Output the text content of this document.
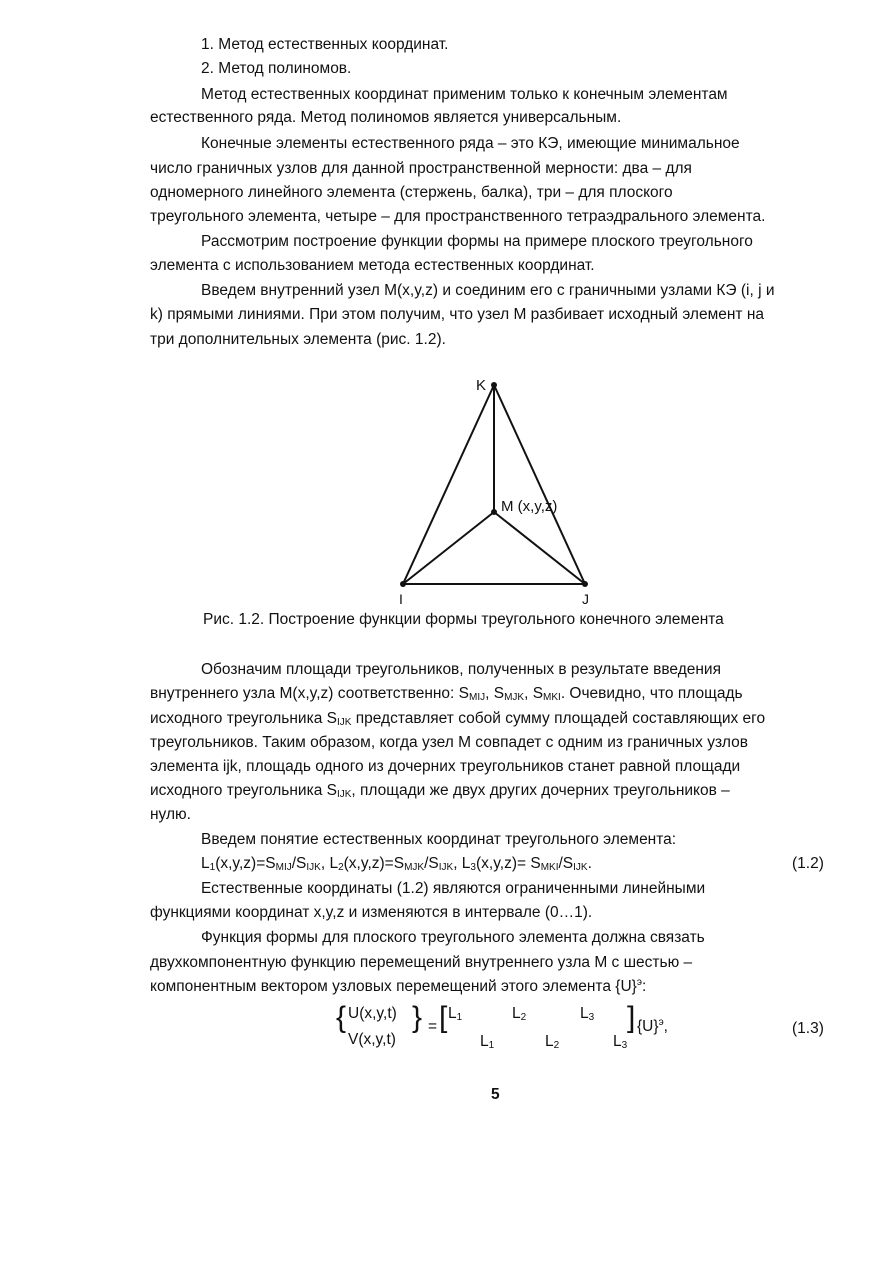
1. Метод естественных координат.
2. Метод полиномов.
Метод естественных координат применим только к конечным элементам
естественного ряда. Метод полиномов является универсальным.
Конечные элементы естественного ряда – это КЭ, имеющие минимальное
число граничных узлов для данной пространственной мерности: два – для
одномерного линейного элемента (стержень, балка), три – для плоского
треугольного элемента, четыре – для пространственного тетраэдрального элемента.
Рассмотрим построение функции формы на примере плоского треугольного
элемента с использованием метода естественных координат.
Введем внутренний узел M(x,y,z) и соединим его с граничными узлами КЭ (i, j и
k) прямыми линиями. При этом получим, что узел M разбивает исходный элемент на
три дополнительных элемента (рис. 1.2).
K
M (x,y,z)
I	J
Рис. 1.2. Построение функции формы треугольного конечного элемента
Обозначим площади треугольников, полученных в результате введения
внутреннего узла M(x,y,z) соответственно: $S_{MIJ}$, $S_{MJK}$, $S_{MKI}$. Очевидно, что площадь
исходного треугольника $S_{IJK}$ представляет собой сумму площадей составляющих его
треугольников. Таким образом, когда узел M совпадет с одним из граничных узлов
элемента ijk, площадь одного из дочерних треугольников станет равной площади
исходного треугольника $S_{IJK}$, площади же двух других дочерних треугольников –
нулю.
Введем понятие естественных координат треугольного элемента:
$L_1(x,y,z)=S_{MIJ}/S_{IJK}$, $L_2(x,y,z)=S_{MJK}/S_{IJK}$, $L_3(x,y,z)= S_{MKI}/S_{IJK}$.	(1.2)
Естественные координаты (1.2) являются ограниченными линейными
функциями координат x,y,z и изменяются в интервале (0…1).
Функция формы для плоского треугольного элемента должна связать
двухкомпонентную функцию перемещений внутреннего узла M с шестью –
компонентным вектором узловых перемещений этого элемента $\{U\}^э$:
{ U(x,y,t)
V(x,y,t)
} = [ $L_1$	$L_2$	$L_3$
$L_1$	$L_2$	$L_3$
] $\{U\}^э$,	(1.3)
5
